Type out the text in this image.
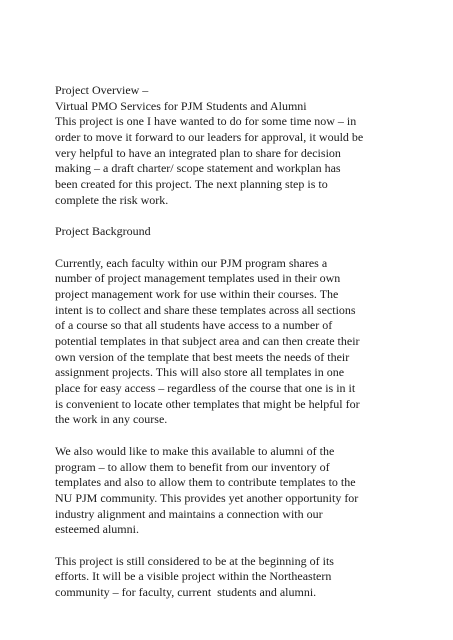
Project Overview –
Virtual PMO Services for PJM Students and Alumni
This project is one I have wanted to do for some time now – in
order to move it forward to our leaders for approval, it would be
very helpful to have an integrated plan to share for decision
making – a draft charter/ scope statement and workplan has
been created for this project. The next planning step is to
complete the risk work.
Project Background
Currently, each faculty within our PJM program shares a
number of project management templates used in their own
project management work for use within their courses. The
intent is to collect and share these templates across all sections
of a course so that all students have access to a number of
potential templates in that subject area and can then create their
own version of the template that best meets the needs of their
assignment projects. This will also store all templates in one
place for easy access – regardless of the course that one is in it
is convenient to locate other templates that might be helpful for
the work in any course.
We also would like to make this available to alumni of the
program – to allow them to benefit from our inventory of
templates and also to allow them to contribute templates to the
NU PJM community. This provides yet another opportunity for
industry alignment and maintains a connection with our
esteemed alumni.
This project is still considered to be at the beginning of its
efforts. It will be a visible project within the Northeastern
community – for faculty, current  students and alumni.
